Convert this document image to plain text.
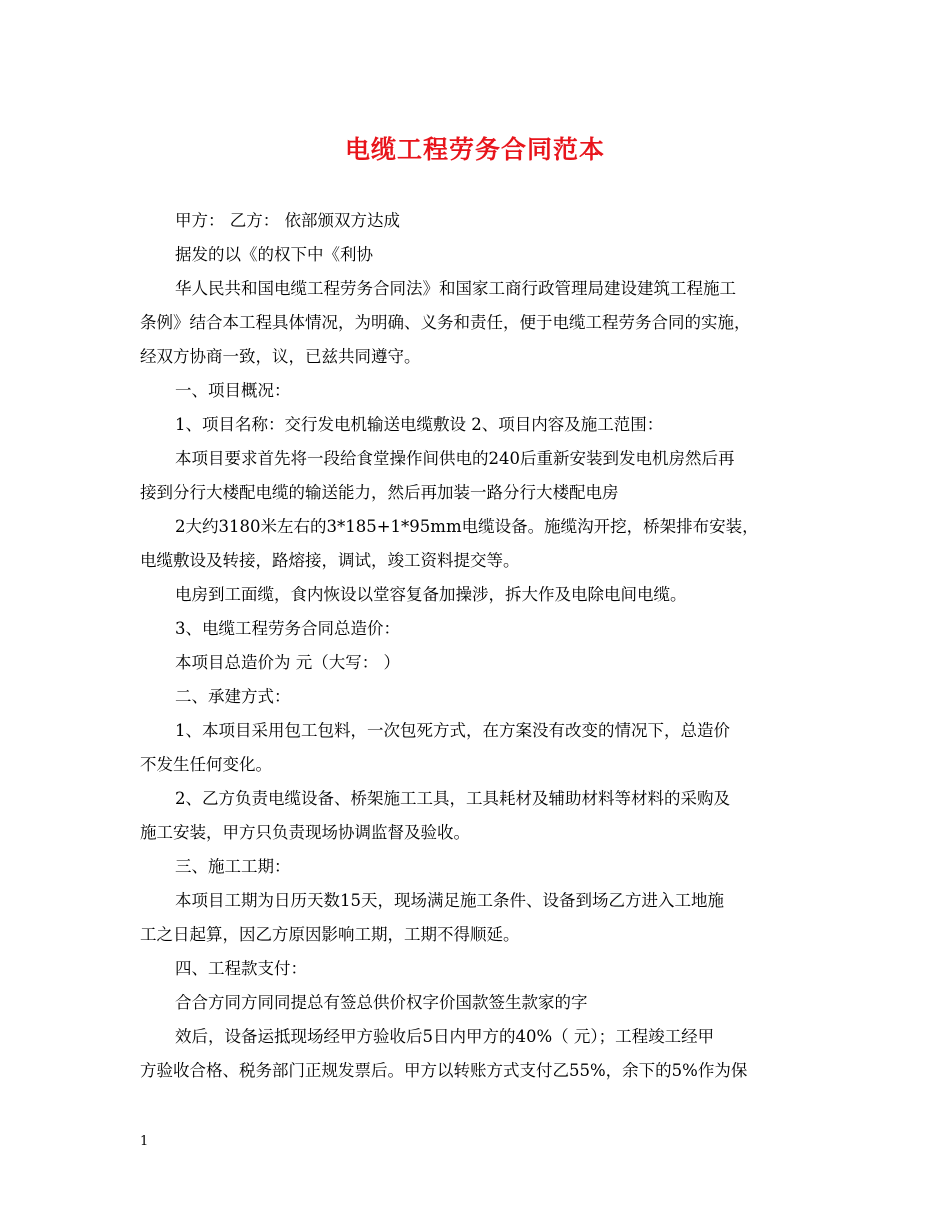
电缆工程劳务合同范本
甲方： 乙方： 依部颁双方达成
据发的以《的权下中《利协
华人民共和国电缆工程劳务合同法》和国家工商行政管理局建设建筑工程施工
条例》结合本工程具体情况，为明确、义务和责任，便于电缆工程劳务合同的实施，
经双方协商一致，议，已兹共同遵守。
一、项目概况：
1、项目名称：交行发电机输送电缆敷设 2、项目内容及施工范围：
本项目要求首先将一段给食堂操作间供电的240后重新安装到发电机房然后再
接到分行大楼配电缆的输送能力，然后再加装一路分行大楼配电房
2大约3180米左右的3*185+1*95mm电缆设备。施缆沟开挖，桥架排布安装，
电缆敷设及转接，路熔接，调试，竣工资料提交等。
电房到工面缆，食内恢设以堂容复备加操涉，拆大作及电除电间电缆。
3、电缆工程劳务合同总造价：
本项目总造价为 元（大写： ）
二、承建方式：
1、本项目采用包工包料，一次包死方式，在方案没有改变的情况下，总造价
不发生任何变化。
2、乙方负责电缆设备、桥架施工工具，工具耗材及辅助材料等材料的采购及
施工安装，甲方只负责现场协调监督及验收。
三、施工工期：
本项目工期为日历天数15天，现场满足施工条件、设备到场乙方进入工地施
工之日起算，因乙方原因影响工期，工期不得顺延。
四、工程款支付：
合合方同方同同提总有签总供价权字价国款签生款家的字
效后，设备运抵现场经甲方验收后5日内甲方的40%（ 元）；工程竣工经甲
方验收合格、税务部门正规发票后。甲方以转账方式支付乙55%，余下的5%作为保
1
